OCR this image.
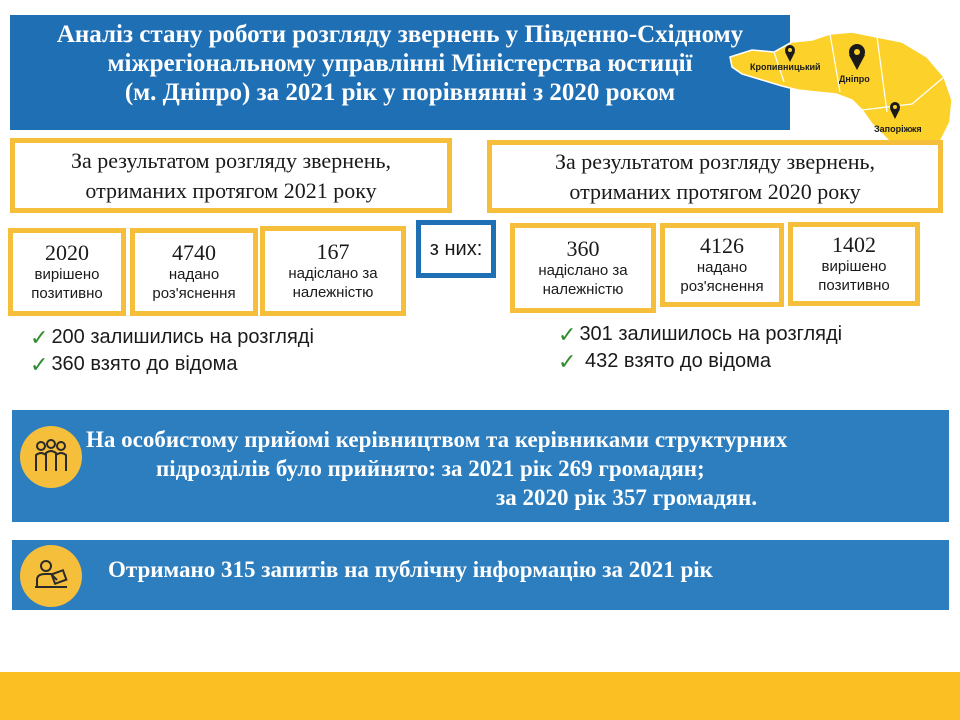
Аналіз стану роботи розгляду звернень у Південно-Східному
міжрегіональному управлінні Міністерства юстиції
(м. Дніпро) за 2021 рік у порівнянні з 2020 роком
Кропивницький
Дніпро
Запоріжжя
За результатом розгляду звернень,
отриманих протягом 2021 року
За результатом розгляду звернень,
отриманих протягом 2020 року
2020
вирішено
позитивно
4740
надано
роз'яснення
167
надіслано за
належністю
з них:	360
надіслано за
належністю
4126
надано
роз'яснення
1402
вирішено
позитивно
✓ 200 залишились на розгляді
✓ 360 взято до відома
✓ 301 залишилось на розгляді
✓ 432 взято до відома
На особистому прийомі керівництвом та керівниками структурних
підрозділів було прийнято: за 2021 рік 269 громадян;
за 2020 рік 357 громадян.
Отримано 315 запитів на публічну інформацію за 2021 рік
